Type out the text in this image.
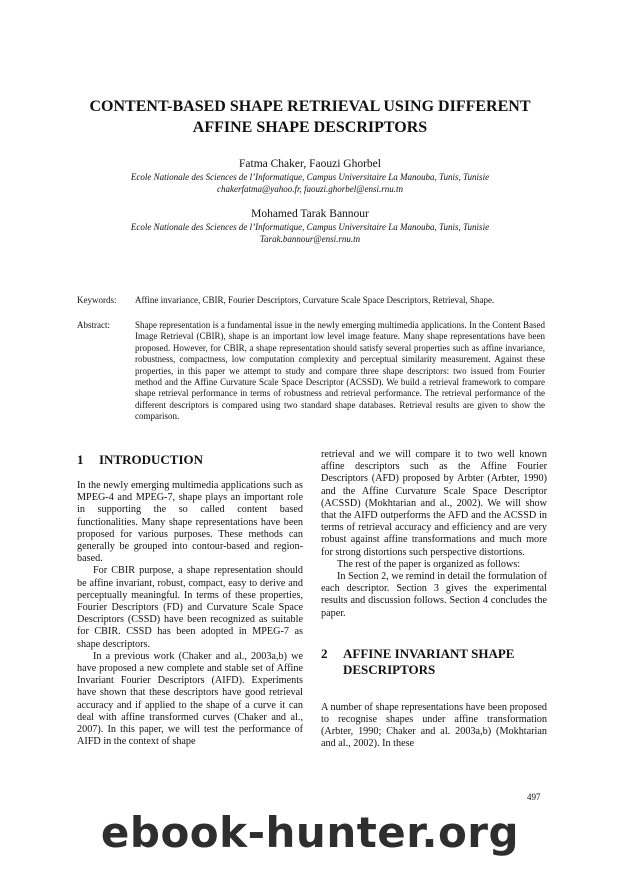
CONTENT-BASED SHAPE RETRIEVAL USING DIFFERENT
AFFINE SHAPE DESCRIPTORS
Fatma Chaker, Faouzi Ghorbel
Ecole Nationale des Sciences de l’Informatique, Campus Universitaire La Manouba, Tunis, Tunisie
chakerfatma@yahoo.fr, faouzi.ghorbel@ensi.rnu.tn
Mohamed Tarak Bannour
Ecole Nationale des Sciences de l’Informatique, Campus Universitaire La Manouba, Tunis, Tunisie
Tarak.bannour@ensi.rnu.tn
Keywords: Affine invariance, CBIR, Fourier Descriptors, Curvature Scale Space Descriptors, Retrieval, Shape.
Abstract:	Shape representation is a fundamental issue in the newly emerging multimedia applications. In the Content Based Image Retrieval (CBIR), shape is an important low level image feature. Many shape representations have been proposed. However, for CBIR, a shape representation should satisfy several properties such as affine invariance, robustness, compactness, low computation complexity and perceptual similarity measurement. Against these properties, in this paper we attempt to study and compare three shape descriptors: two issued from Fourier method and the Affine Curvature Scale Space Descriptor (ACSSD). We build a retrieval framework to compare shape retrieval performance in terms of robustness and retrieval performance. The retrieval performance of the different descriptors is compared using two standard shape databases. Retrieval results are given to show the comparison.
1 INTRODUCTION

In the newly emerging multimedia applications such as MPEG-4 and MPEG-7, shape plays an important role in supporting the so called content based functionalities. Many shape representations have been proposed for various purposes. These methods can generally be grouped into contour-based and region-based.

For CBIR purpose, a shape representation should be affine invariant, robust, compact, easy to derive and perceptually meaningful. In terms of these properties, Fourier Descriptors (FD) and Curvature Scale Space Descriptors (CSSD) have been recognized as suitable for CBIR. CSSD has been adopted in MPEG-7 as shape descriptors.

In a previous work (Chaker and al., 2003a,b) we have proposed a new complete and stable set of Affine Invariant Fourier Descriptors (AIFD). Experiments have shown that these descriptors have good retrieval accuracy and if applied to the shape of a curve it can deal with affine transformed curves (Chaker and al., 2007). In this paper, we will test the performance of AIFD in the context of shape

retrieval and we will compare it to two well known affine descriptors such as the Affine Fourier Descriptors (AFD) proposed by Arbter (Arbter, 1990) and the Affine Curvature Scale Space Descriptor (ACSSD) (Mokhtarian and al., 2002). We will show that the AIFD outperforms the AFD and the ACSSD in terms of retrieval accuracy and efficiency and are very robust against affine transformations and much more for strong distortions such perspective distortions.

The rest of the paper is organized as follows:

In Section 2, we remind in detail the formulation of each descriptor. Section 3 gives the experimental results and discussion follows. Section 4 concludes the paper.

2 AFFINE INVARIANT SHAPE
DESCRIPTORS

A number of shape representations have been proposed to recognise shapes under affine transformation (Arbter, 1990; Chaker and al. 2003a,b) (Mokhtarian and al., 2002). In these

497
ebook-hunter.org
